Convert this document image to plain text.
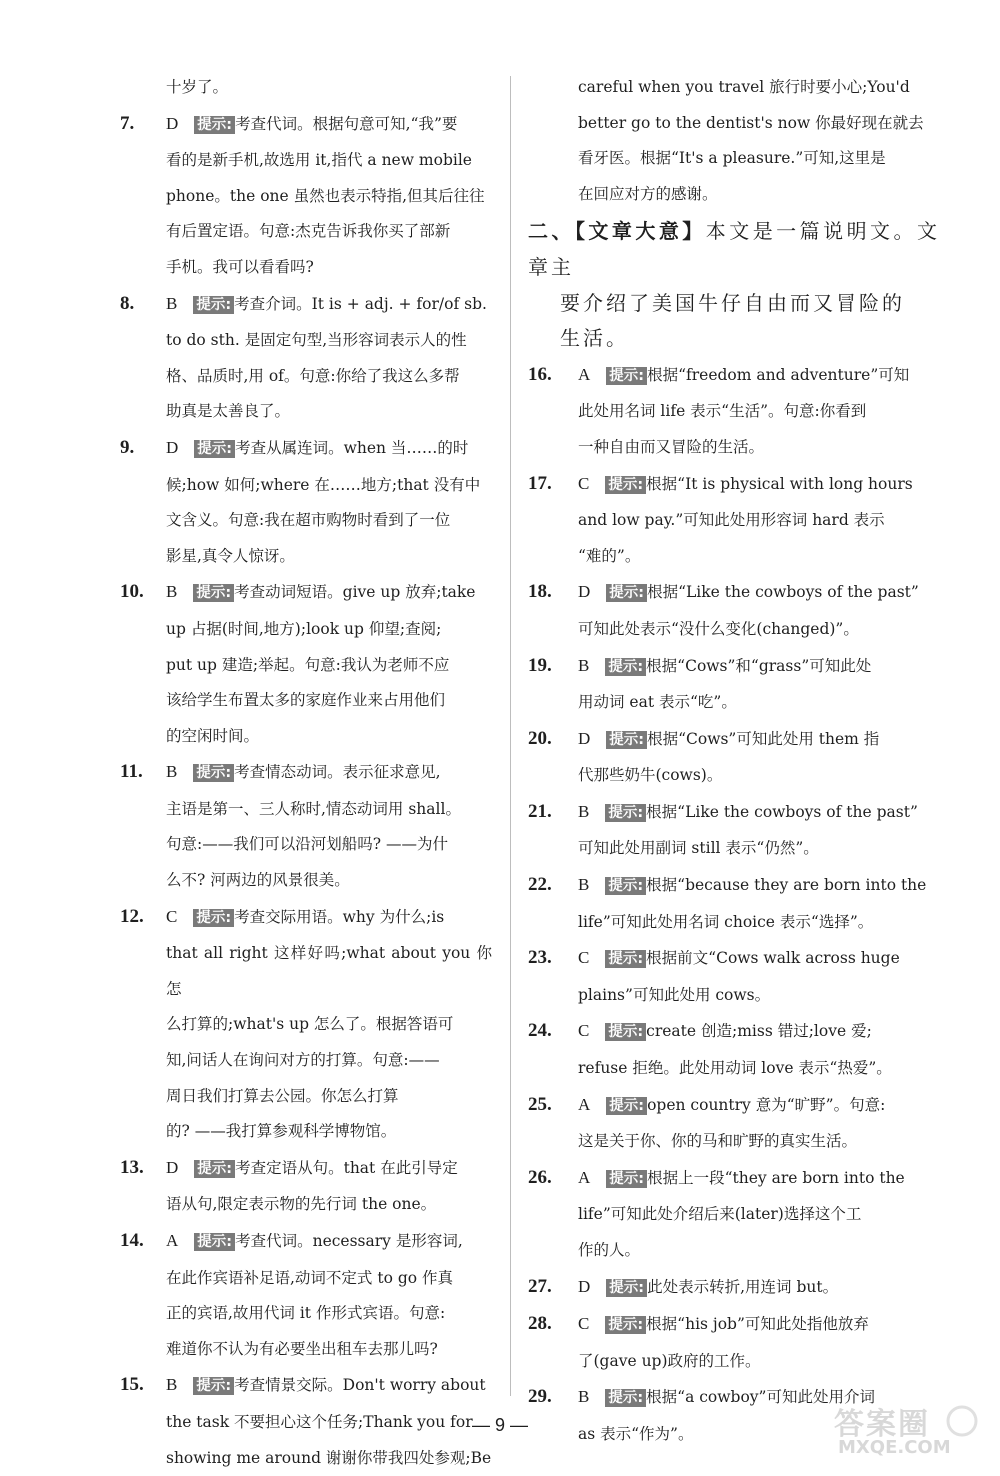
十岁了。

7. D 提示: 考查代词。根据句意可知,“我”要

看的是新手机,故选用 it,指代 a new mobile

phone。the one 虽然也表示特指,但其后往往

有后置定语。句意:杰克告诉我你买了部新

手机。我可以看看吗?

8. B 提示: 考查介词。It is + adj. + for/of sb.

to do sth. 是固定句型,当形容词表示人的性

格、品质时,用 of。句意:你给了我这么多帮

助真是太善良了。

9. D 提示: 考查从属连词。when 当……的时

候;how 如何;where 在……地方;that 没有中

文含义。句意:我在超市购物时看到了一位

影星,真令人惊讶。

10. B 提示: 考查动词短语。give up 放弃;take

up 占据(时间,地方);look up 仰望;查阅;

put up 建造;举起。句意:我认为老师不应

该给学生布置太多的家庭作业来占用他们

的空闲时间。

11. B 提示: 考查情态动词。表示征求意见,

主语是第一、三人称时,情态动词用 shall。

句意:——我们可以沿河划船吗? ——为什

么不? 河两边的风景很美。

12. C 提示: 考查交际用语。why 为什么;is

that all right 这样好吗;what about you 你怎

么打算的;what's up 怎么了。根据答语可

知,问话人在询问对方的打算。句意:——

周日我们打算去公园。你怎么打算

的? ——我打算参观科学博物馆。

13. D 提示: 考查定语从句。that 在此引导定

语从句,限定表示物的先行词 the one。

14. A 提示: 考查代词。necessary 是形容词,

在此作宾语补足语,动词不定式 to go 作真

正的宾语,故用代词 it 作形式宾语。句意:

难道你不认为有必要坐出租车去那儿吗?

15. B 提示: 考查情景交际。Don't worry about

the task 不要担心这个任务;Thank you for

showing me around 谢谢你带我四处参观;Be

careful when you travel 旅行时要小心;You'd

better go to the dentist's now 你最好现在就去

看牙医。根据“It's a pleasure.”可知,这里是

在回应对方的感谢。

二、【文章大意】本文是一篇说明文。文章主

要介绍了美国牛仔自由而又冒险的

生活。

16. A 提示: 根据“freedom and adventure”可知

此处用名词 life 表示“生活”。句意:你看到

一种自由而又冒险的生活。

17. C 提示: 根据“It is physical with long hours

and low pay.”可知此处用形容词 hard 表示

“难的”。

18. D 提示: 根据“Like the cowboys of the past”

可知此处表示“没什么变化(changed)”。

19. B 提示: 根据“Cows”和“grass”可知此处

用动词 eat 表示“吃”。

20. D 提示: 根据“Cows”可知此处用 them 指

代那些奶牛(cows)。

21. B 提示: 根据“Like the cowboys of the past”

可知此处用副词 still 表示“仍然”。

22. B 提示: 根据“because they are born into the

life”可知此处用名词 choice 表示“选择”。

23. C 提示: 根据前文“Cows walk across huge

plains”可知此处用 cows。

24. C 提示: create 创造;miss 错过;love 爱;

refuse 拒绝。此处用动词 love 表示“热爱”。

25. A 提示: open country 意为“旷野”。句意:

这是关于你、你的马和旷野的真实生活。

26. A 提示: 根据上一段“they are born into the

life”可知此处介绍后来(later)选择这个工

作的人。

27. D 提示: 此处表示转折,用连词 but。

28. C 提示: 根据“his job”可知此处指他放弃

了(gave up)政府的工作。

29. B 提示: 根据“a cowboy”可知此处用介词

as 表示“作为”。

— 9 —	答案圈
MXQE.COM
